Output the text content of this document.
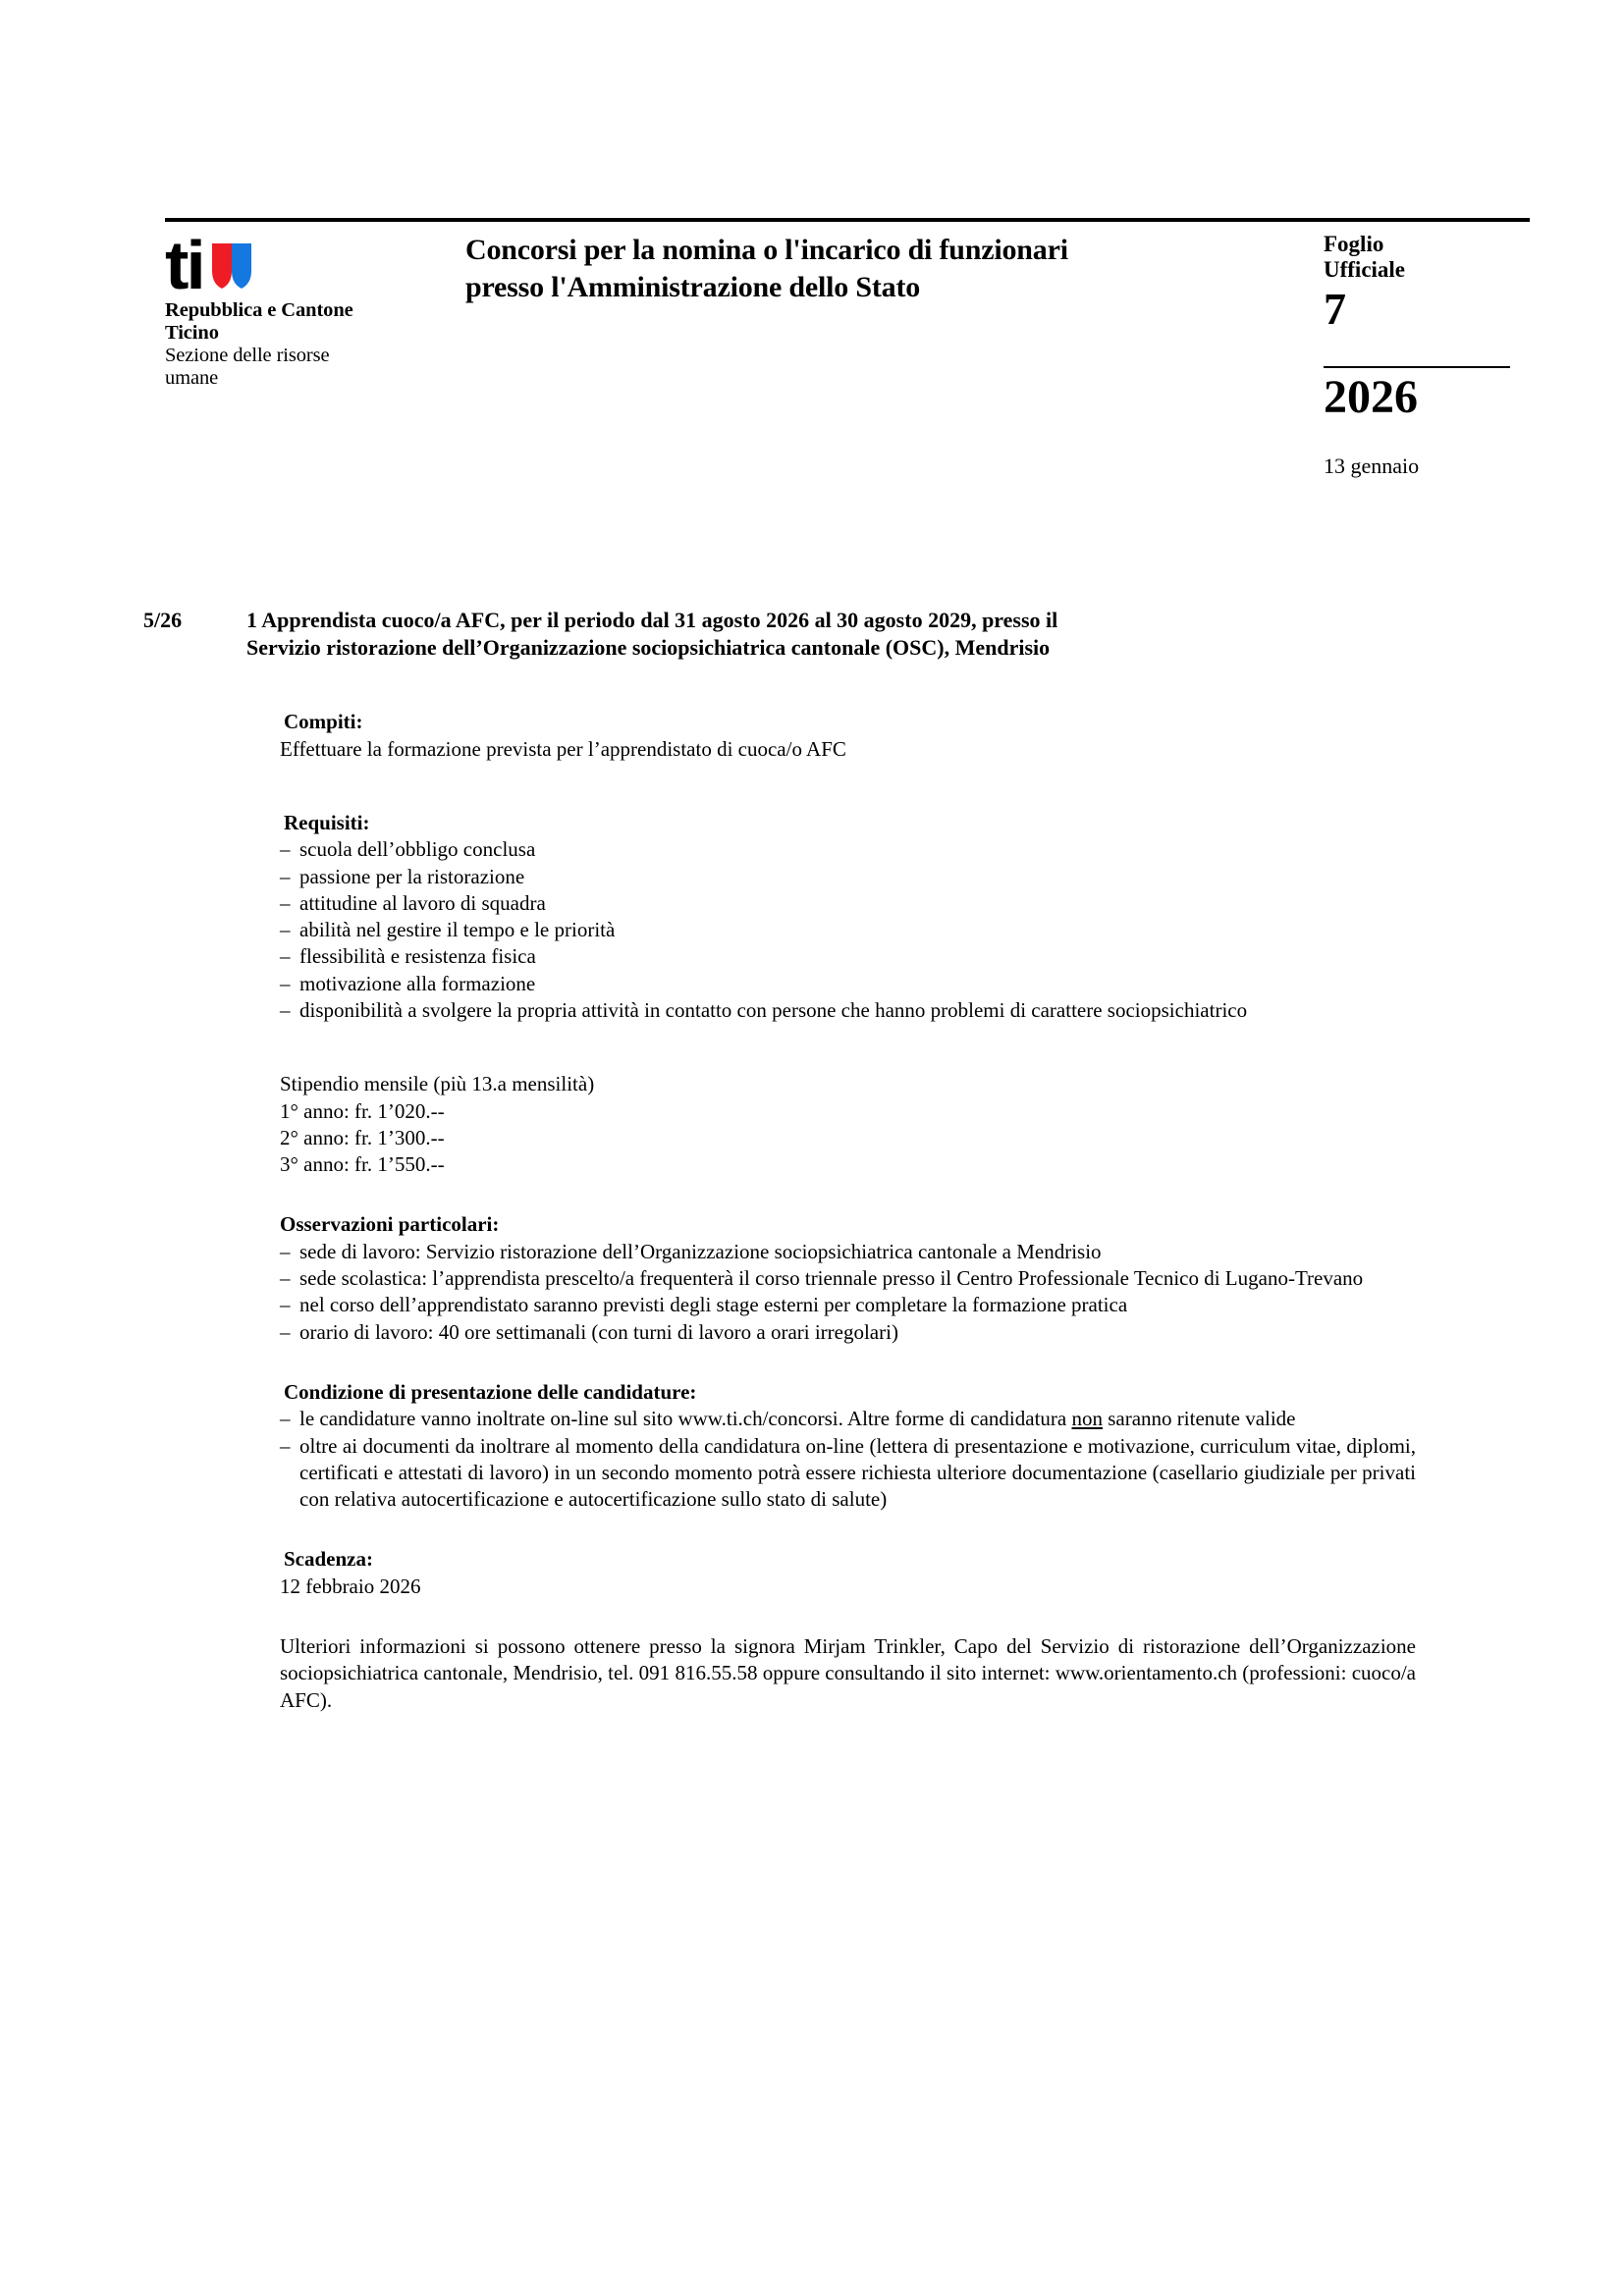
ti
Repubblica e Cantone
Ticino
Sezione delle risorse
umane
Concorsi per la nomina o l'incarico di funzionari
presso l'Amministrazione dello Stato
Foglio
Ufficiale
7
2026
13 gennaio
5/26	1 Apprendista cuoco/a AFC, per il periodo dal 31 agosto 2026 al 30 agosto 2029, presso il
Servizio ristorazione dell’Organizzazione sociopsichiatrica cantonale (OSC), Mendrisio
Compiti:
Effettuare la formazione prevista per l’apprendistato di cuoca/o AFC
Requisiti:
– scuola dell’obbligo conclusa
– passione per la ristorazione
– attitudine al lavoro di squadra
– abilità nel gestire il tempo e le priorità
– flessibilità e resistenza fisica
– motivazione alla formazione
– disponibilità a svolgere la propria attività in contatto con persone che hanno problemi di carattere sociopsichiatrico
Stipendio mensile (più 13.a mensilità)
1° anno: fr. 1’020.--
2° anno: fr. 1’300.--
3° anno: fr. 1’550.--
Osservazioni particolari:
– sede di lavoro: Servizio ristorazione dell’Organizzazione sociopsichiatrica cantonale a Mendrisio
– sede scolastica: l’apprendista prescelto/a frequenterà il corso triennale presso il Centro Professionale Tecnico di Lugano-Trevano
– nel corso dell’apprendistato saranno previsti degli stage esterni per completare la formazione pratica
– orario di lavoro: 40 ore settimanali (con turni di lavoro a orari irregolari)
Condizione di presentazione delle candidature:
– le candidature vanno inoltrate on-line sul sito www.ti.ch/concorsi. Altre forme di candidatura non saranno ritenute valide
– oltre ai documenti da inoltrare al momento della candidatura on-line (lettera di presentazione e motivazione, curriculum vitae, diplomi, certificati e attestati di lavoro) in un secondo momento potrà essere richiesta ulteriore documentazione (casellario giudiziale per privati con relativa autocertificazione e autocertificazione sullo stato di salute)
Scadenza:
12 febbraio 2026
Ulteriori informazioni si possono ottenere presso la signora Mirjam Trinkler, Capo del Servizio di ristorazione dell’Organizzazione sociopsichiatrica cantonale, Mendrisio, tel. 091 816.55.58 oppure consultando il sito internet: www.orientamento.ch (professioni: cuoco/a AFC).
